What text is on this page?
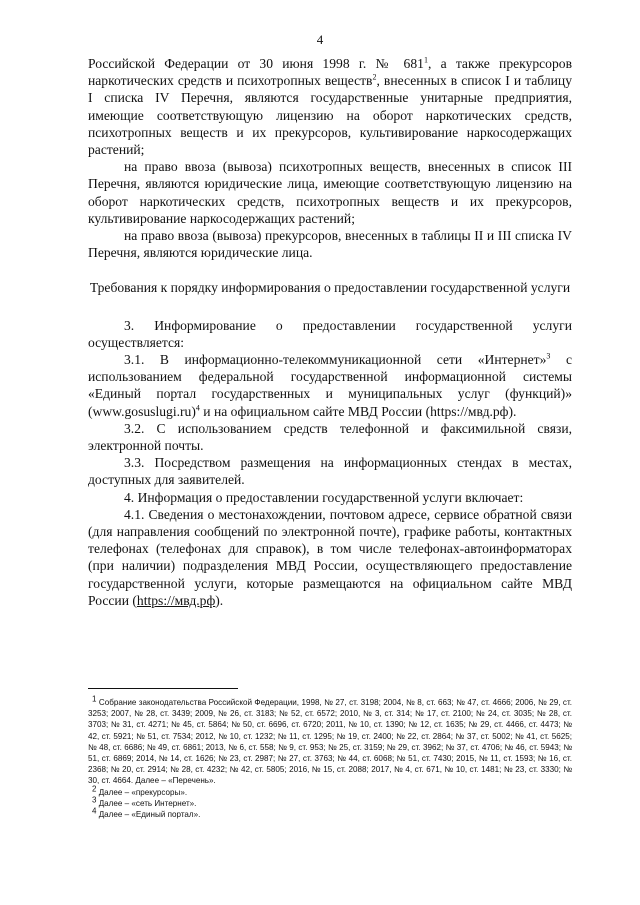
4

Российской Федерации от 30 июня 1998 г. № $681^1$, а также прекурсоров наркотических средств и психотропных веществ$^2$, внесенных в список I и таблицу I списка IV Перечня, являются государственные унитарные предприятия, имеющие соответствующую лицензию на оборот наркотических средств, психотропных веществ и их прекурсоров, культивирование наркосодержащих растений;

на право ввоза (вывоза) психотропных веществ, внесенных в список III Перечня, являются юридические лица, имеющие соответствующую лицензию на оборот наркотических средств, психотропных веществ и их прекурсоров, культивирование наркосодержащих растений;

на право ввоза (вывоза) прекурсоров, внесенных в таблицы II и III списка IV Перечня, являются юридические лица.

Требования к порядку информирования о предоставлении государственной услуги

3. Информирование о предоставлении государственной услуги осуществляется:

3.1. В информационно-телекоммуникационной сети «Интернет»$^3$ с использованием федеральной государственной информационной системы «Единый портал государственных и муниципальных услуг (функций)» (www.gosuslugi.ru)$^4$ и на официальном сайте МВД России (https://мвд.рф).

3.2. С использованием средств телефонной и факсимильной связи, электронной почты.

3.3. Посредством размещения на информационных стендах в местах, доступных для заявителей.

4. Информация о предоставлении государственной услуги включает:

4.1. Сведения о местонахождении, почтовом адресе, сервисе обратной связи (для направления сообщений по электронной почте), графике работы, контактных телефонах (телефонах для справок), в том числе телефонах-автоинформаторах (при наличии) подразделения МВД России, осуществляющего предоставление государственной услуги, которые размещаются на официальном сайте МВД России (https://мвд.рф).

$^1$ Собрание законодательства Российской Федерации, 1998, № 27, ст. 3198; 2004, № 8, ст. 663; № 47, ст. 4666; 2006, № 29, ст. 3253; 2007, № 28, ст. 3439; 2009, № 26, ст. 3183; № 52, ст. 6572; 2010, № 3, ст. 314; № 17, ст. 2100; № 24, ст. 3035; № 28, ст. 3703; № 31, ст. 4271; № 45, ст. 5864; № 50, ст. 6696, ст. 6720; 2011, № 10, ст. 1390; № 12, ст. 1635; № 29, ст. 4466, ст. 4473; № 42, ст. 5921; № 51, ст. 7534; 2012, № 10, ст. 1232; № 11, ст. 1295; № 19, ст. 2400; № 22, ст. 2864; № 37, ст. 5002; № 41, ст. 5625; № 48, ст. 6686; № 49, ст. 6861; 2013, № 6, ст. 558; № 9, ст. 953; № 25, ст. 3159; № 29, ст. 3962; № 37, ст. 4706; № 46, ст. 5943; № 51, ст. 6869; 2014, № 14, ст. 1626; № 23, ст. 2987; № 27, ст. 3763; № 44, ст. 6068; № 51, ст. 7430; 2015, № 11, ст. 1593; № 16, ст. 2368; № 20, ст. 2914; № 28, ст. 4232; № 42, ст. 5805; 2016, № 15, ст. 2088; 2017, № 4, ст. 671, № 10, ст. 1481; № 23, ст. 3330; № 30, ст. 4664. Далее – «Перечень».

$^2$ Далее – «прекурсоры».

$^3$ Далее – «сеть Интернет».

$^4$ Далее – «Единый портал».
